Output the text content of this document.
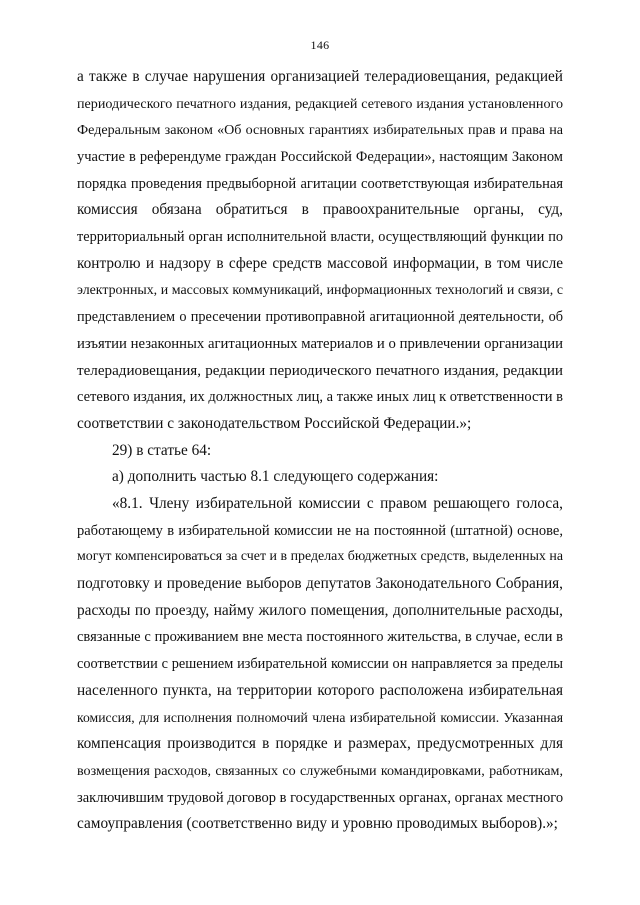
146
а также в случае нарушения организацией телерадиовещания, редакцией
периодического печатного издания, редакцией сетевого издания установленного
Федеральным законом «Об основных гарантиях избирательных прав и права на
участие в референдуме граждан Российской Федерации», настоящим Законом
порядка проведения предвыборной агитации соответствующая избирательная
комиссия обязана обратиться в правоохранительные органы, суд,
территориальный орган исполнительной власти, осуществляющий функции по
контролю и надзору в сфере средств массовой информации, в том числе
электронных, и массовых коммуникаций, информационных технологий и связи, с
представлением о пресечении противоправной агитационной деятельности, об
изъятии незаконных агитационных материалов и о привлечении организации
телерадиовещания, редакции периодического печатного издания, редакции
сетевого издания, их должностных лиц, а также иных лиц к ответственности в
соответствии с законодательством Российской Федерации.»;
29) в статье 64:
а) дополнить частью 8.1 следующего содержания:
«8.1. Члену избирательной комиссии с правом решающего голоса,
работающему в избирательной комиссии не на постоянной (штатной) основе,
могут компенсироваться за счет и в пределах бюджетных средств, выделенных на
подготовку и проведение выборов депутатов Законодательного Собрания,
расходы по проезду, найму жилого помещения, дополнительные расходы,
связанные с проживанием вне места постоянного жительства, в случае, если в
соответствии с решением избирательной комиссии он направляется за пределы
населенного пункта, на территории которого расположена избирательная
комиссия, для исполнения полномочий члена избирательной комиссии. Указанная
компенсация производится в порядке и размерах, предусмотренных для
возмещения расходов, связанных со служебными командировками, работникам,
заключившим трудовой договор в государственных органах, органах местного
самоуправления (соответственно виду и уровню проводимых выборов).»;
